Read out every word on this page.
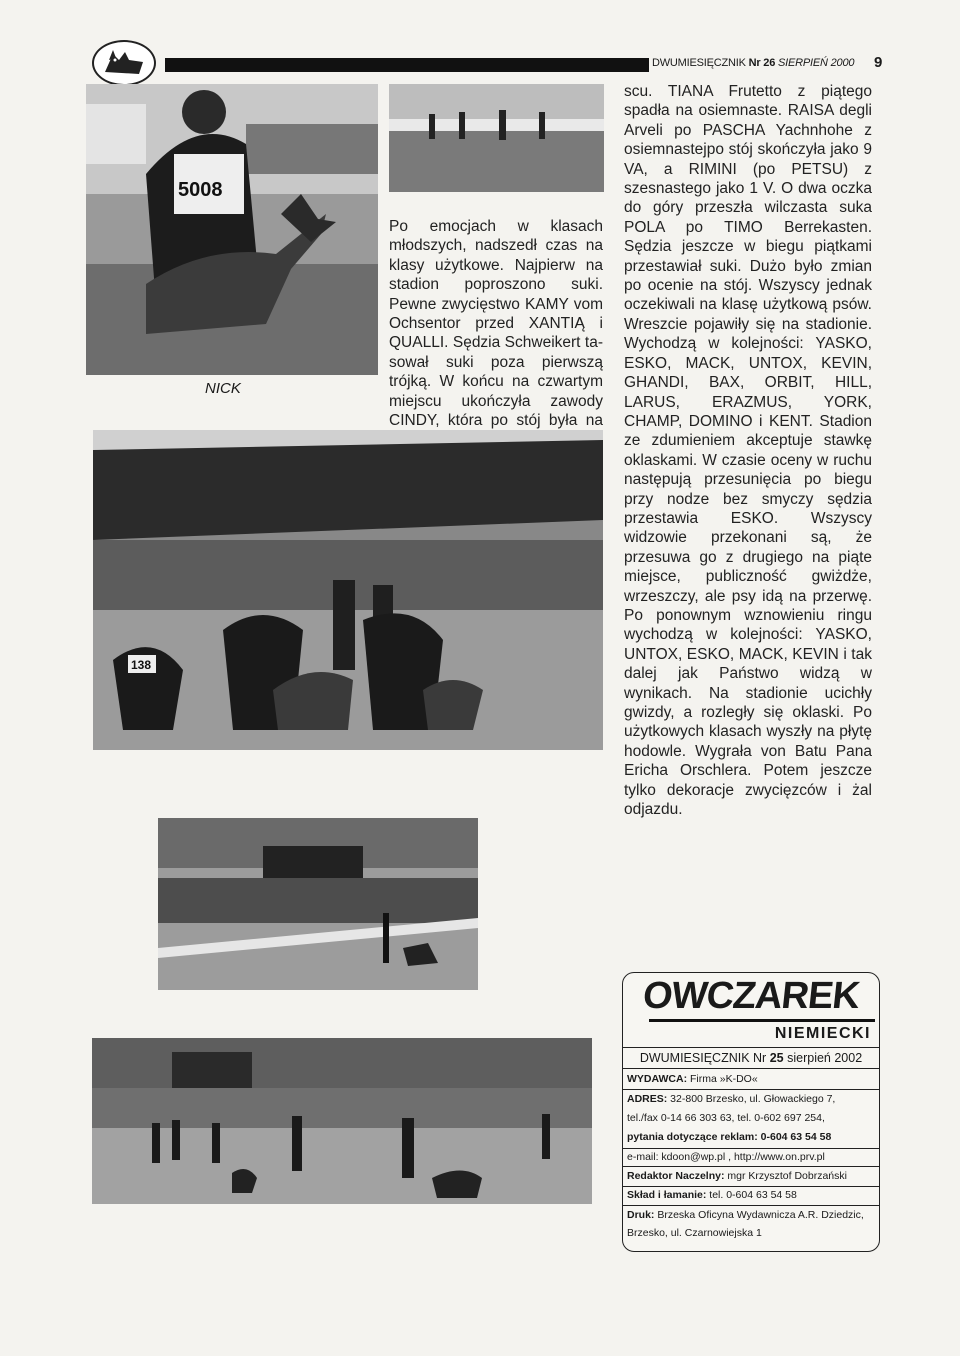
DWUMIESIĘCZNIK Nr 26 SIERPIEŃ 2000 9
5008
NICK

Po emocjach w klasach młodszych, nadszedł czas na klasy użytkowe. Najpierw na stadion poproszono suki. Pewne zwycięstwo KAMY vom Ochsentor przed XANTIĄ i QUALLI. Sędzia Schweikert tasował suki poza pierwszą trójką. W końcu na czwartym miejscu ukończyła zawody CINDY, która po stój była na

scu. TIANA Frutetto z piątego spadła na osiemnaste. RAISA degli Arveli po PASCHA Yachnhohe z osiemnastejpo stój skończyła jako 9 VA, a RIMINI (po PETSU) z szesnastego jako 1 V. O dwa oczka do góry przeszła wilczasta suka POLA po TIMO Berrekasten. Sędzia jeszcze w biegu piątkami przestawiał suki. Dużo było zmian po ocenie na stój. Wszyscy jednak oczekiwali na klasę użytkową psów. Wreszcie pojawiły się na stadionie. Wychodzą w kolejności: YASKO, ESKO, MACK, UNTOX, KEVIN, GHANDI, BAX, ORBIT, HILL, LARUS, ERAZMUS, YORK, CHAMP, DOMINO i KENT. Stadion ze zdumieniem akceptuje stawkę oklaskami. W czasie oceny w ruchu następują przesunięcia po biegu przy nodze bez smyczy sędzia przestawia ESKO. Wszyscy widzowie przekonani są, że przesuwa go z drugiego na piąte miejsce, publiczność gwiżdże, wrzeszczy, ale psy idą na przerwę. Po ponownym wznowieniu ringu wychodzą w kolejności: YASKO, UNTOX, ESKO, MACK, KEVIN i tak dalej jak Państwo widzą w wynikach. Na stadionie ucichły gwizdy, a rozległy się oklaski. Po użytkowych klasach wyszły na płytę hodowle. Wygrała von Batu Pana Ericha Orschlera. Potem jeszcze tylko dekoracje zwycięzców i żal odjazdu.

138
OWCZAREK
NIEMIECKI
DWUMIESIĘCZNIK Nr 25 sierpień 2002
WYDAWCA: Firma »K-DO«
ADRES: 32-800 Brzesko, ul. Głowackiego 7,
tel./fax 0-14 66 303 63, tel. 0-602 697 254,
pytania dotyczące reklam: 0-604 63 54 58
e-mail: kdoon@wp.pl , http://www.on.prv.pl
Redaktor Naczelny: mgr Krzysztof Dobrzański
Skład i łamanie: tel. 0-604 63 54 58
Druk: Brzeska Oficyna Wydawnicza A.R. Dziedzic,
Brzesko, ul. Czarnowiejska 1
